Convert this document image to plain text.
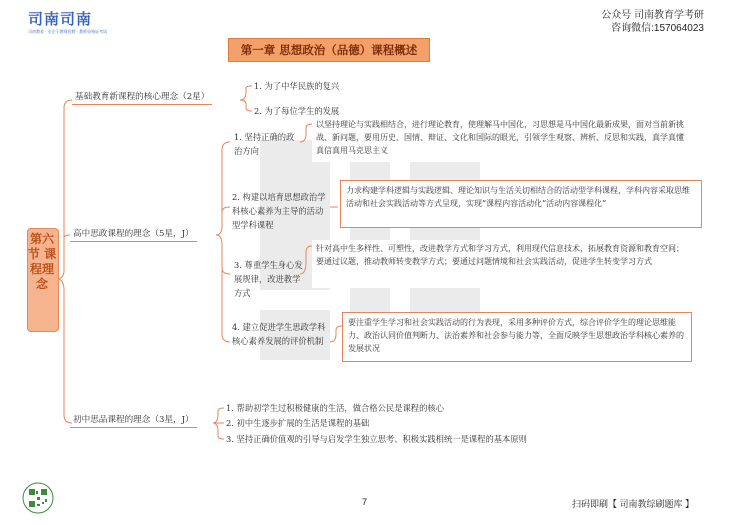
司南司南
司南教育 · 专注于教师招聘 · 教师资格证考试
公众号 司南教育学考研
咨询微信:157064023
第一章 思想政治（品德）课程概述
第六节 课程理念
基础教育新课程的核心理念（2星）
1. 为了中华民族的复兴
2. 为了每位学生的发展
高中思政课程的理念（5星，J）
1. 坚持正确的政治方向
以坚持理论与实践相结合，进行理论教育，使理解马中国化，习思想是马中国化最新成果，面对当前新挑战、新问题，要用历史、国情、辩证、文化和国际的眼光，引领学生观察、辨析、反思和实践，真学真懂真信真用马克思主义
2. 构建以培育思想政治学科核心素养为主导的活动型学科课程
力求构建学科逻辑与实践逻辑、理论知识与生活关切相结合的活动型学科课程，学科内容采取思维活动和社会实践活动等方式呈现，实现“课程内容活动化”活动内容课程化”
3. 尊重学生身心发展规律，改进教学方式
针对高中生多样性、可塑性，改进教学方式和学习方式，利用现代信息技术，拓展教育资源和教育空间；要通过议题，推动教师转变教学方式；要通过问题情境和社会实践活动，促进学生转变学习方式
4. 建立促进学生思政学科核心素养发展的评价机制
要注重学生学习和社会实践活动的行为表现，采用多种评价方式，综合评价学生的理论思维能力、政治认同价值判断力、法治素养和社会参与能力等，全面反映学生思想政治学科核心素养的发展状况
初中思品课程的理念（3星，J）
1. 帮助初学生过积极健康的生活，做合格公民是课程的核心
2. 初中生逐步扩展的生活是课程的基础
3. 坚持正确价值观的引导与启发学生独立思考、积极实践相统一是课程的基本原则
7	扫码即刷【 司南教综刷题库 】
